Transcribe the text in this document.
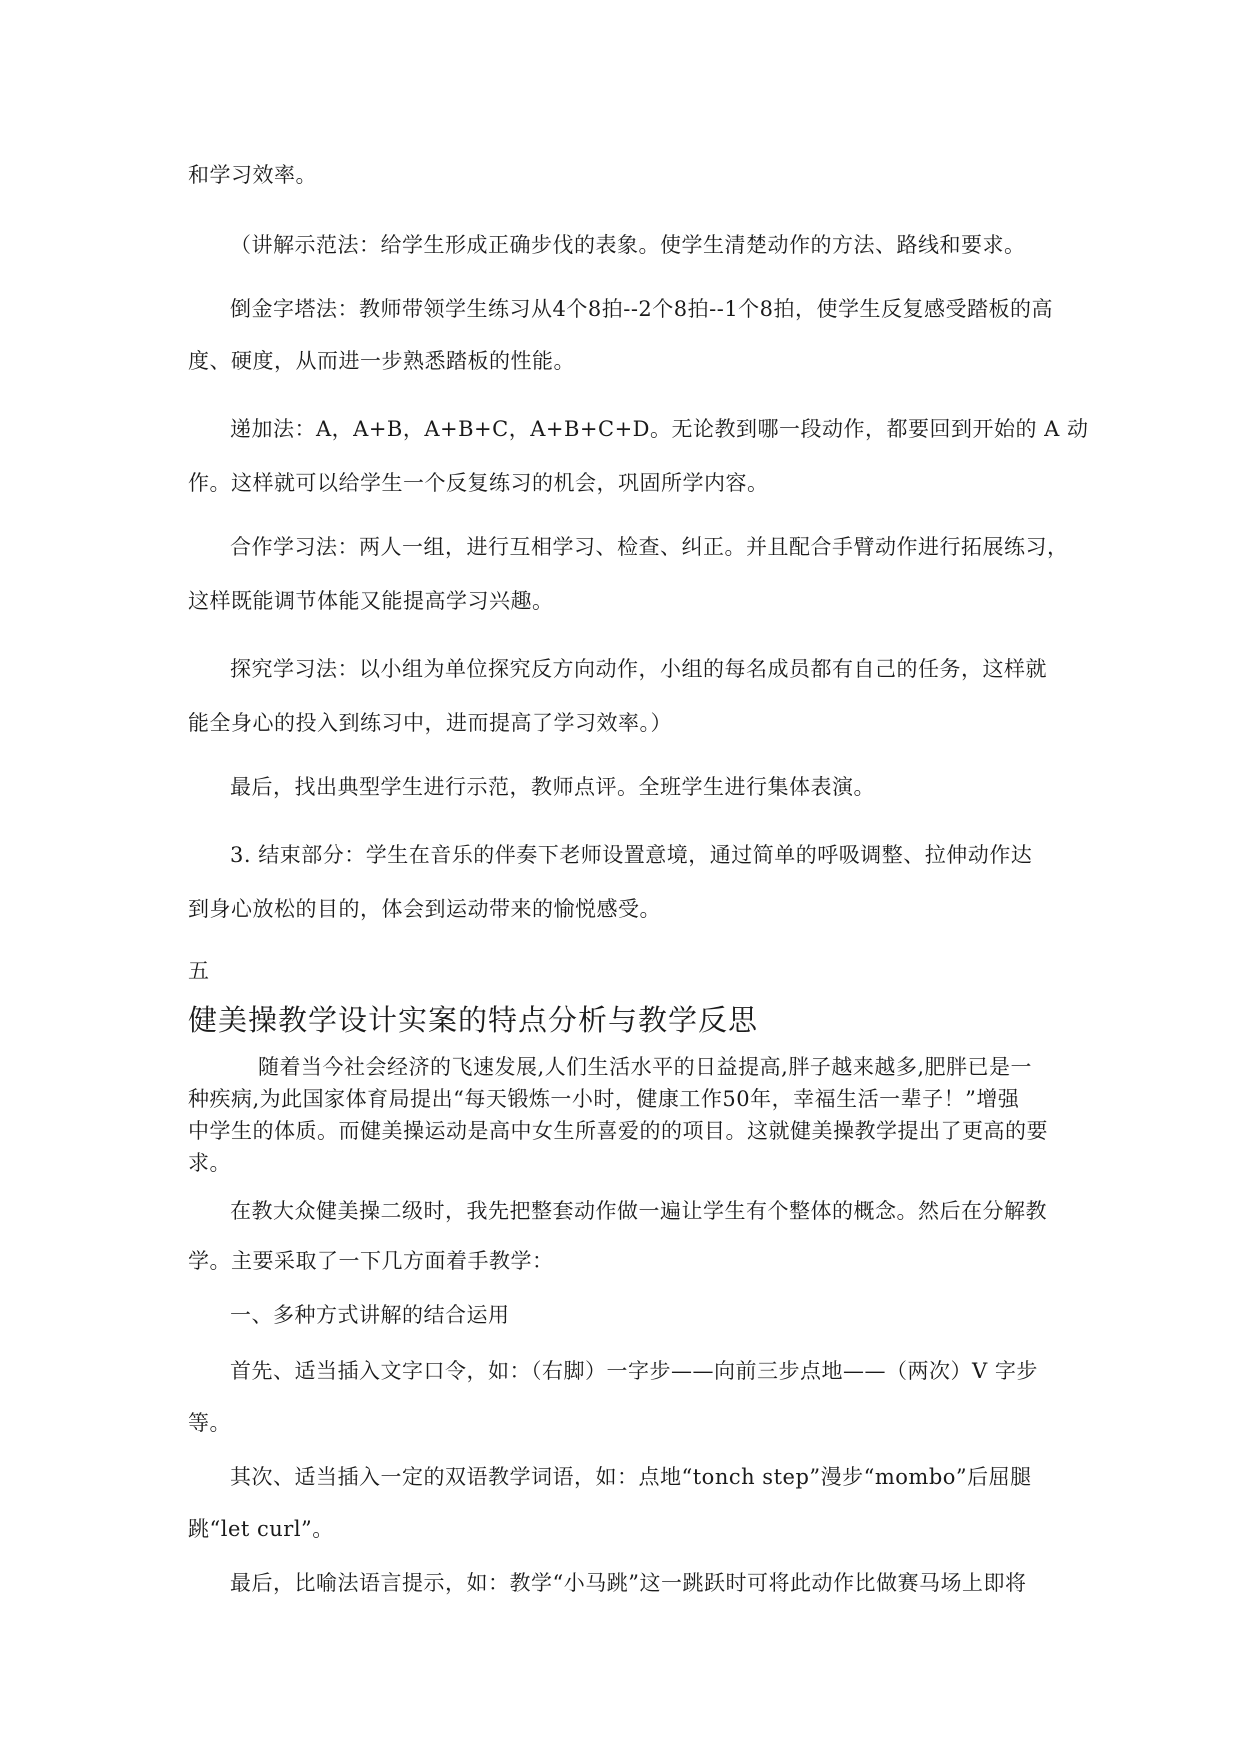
和学习效率。
（讲解示范法：给学生形成正确步伐的表象。使学生清楚动作的方法、路线和要求。
倒金字塔法：教师带领学生练习从4个8拍--2个8拍--1个8拍，使学生反复感受踏板的高
度、硬度，从而进一步熟悉踏板的性能。
递加法：A，A+B，A+B+C，A+B+C+D。无论教到哪一段动作，都要回到开始的 A 动
作。这样就可以给学生一个反复练习的机会，巩固所学内容。
合作学习法：两人一组，进行互相学习、检查、纠正。并且配合手臂动作进行拓展练习，
这样既能调节体能又能提高学习兴趣。
探究学习法：以小组为单位探究反方向动作，小组的每名成员都有自己的任务，这样就
能全身心的投入到练习中，进而提高了学习效率。）
最后，找出典型学生进行示范，教师点评。全班学生进行集体表演。
3. 结束部分：学生在音乐的伴奏下老师设置意境，通过简单的呼吸调整、拉伸动作达
到身心放松的目的，体会到运动带来的愉悦感受。
五
健美操教学设计实案的特点分析与教学反思
随着当今社会经济的飞速发展,人们生活水平的日益提高,胖子越来越多,肥胖已是一
种疾病,为此国家体育局提出“每天锻炼一小时，健康工作50年，幸福生活一辈子！”增强
中学生的体质。而健美操运动是高中女生所喜爱的的项目。这就健美操教学提出了更高的要
求。
在教大众健美操二级时，我先把整套动作做一遍让学生有个整体的概念。然后在分解教
学。主要采取了一下几方面着手教学：
一、多种方式讲解的结合运用
首先、适当插入文字口令，如：（右脚）一字步——向前三步点地——（两次）V 字步
等。
其次、适当插入一定的双语教学词语，如：点地“tonch step”漫步“mombo”后屈腿
跳“let curl”。
最后，比喻法语言提示，如：教学“小马跳”这一跳跃时可将此动作比做赛马场上即将
